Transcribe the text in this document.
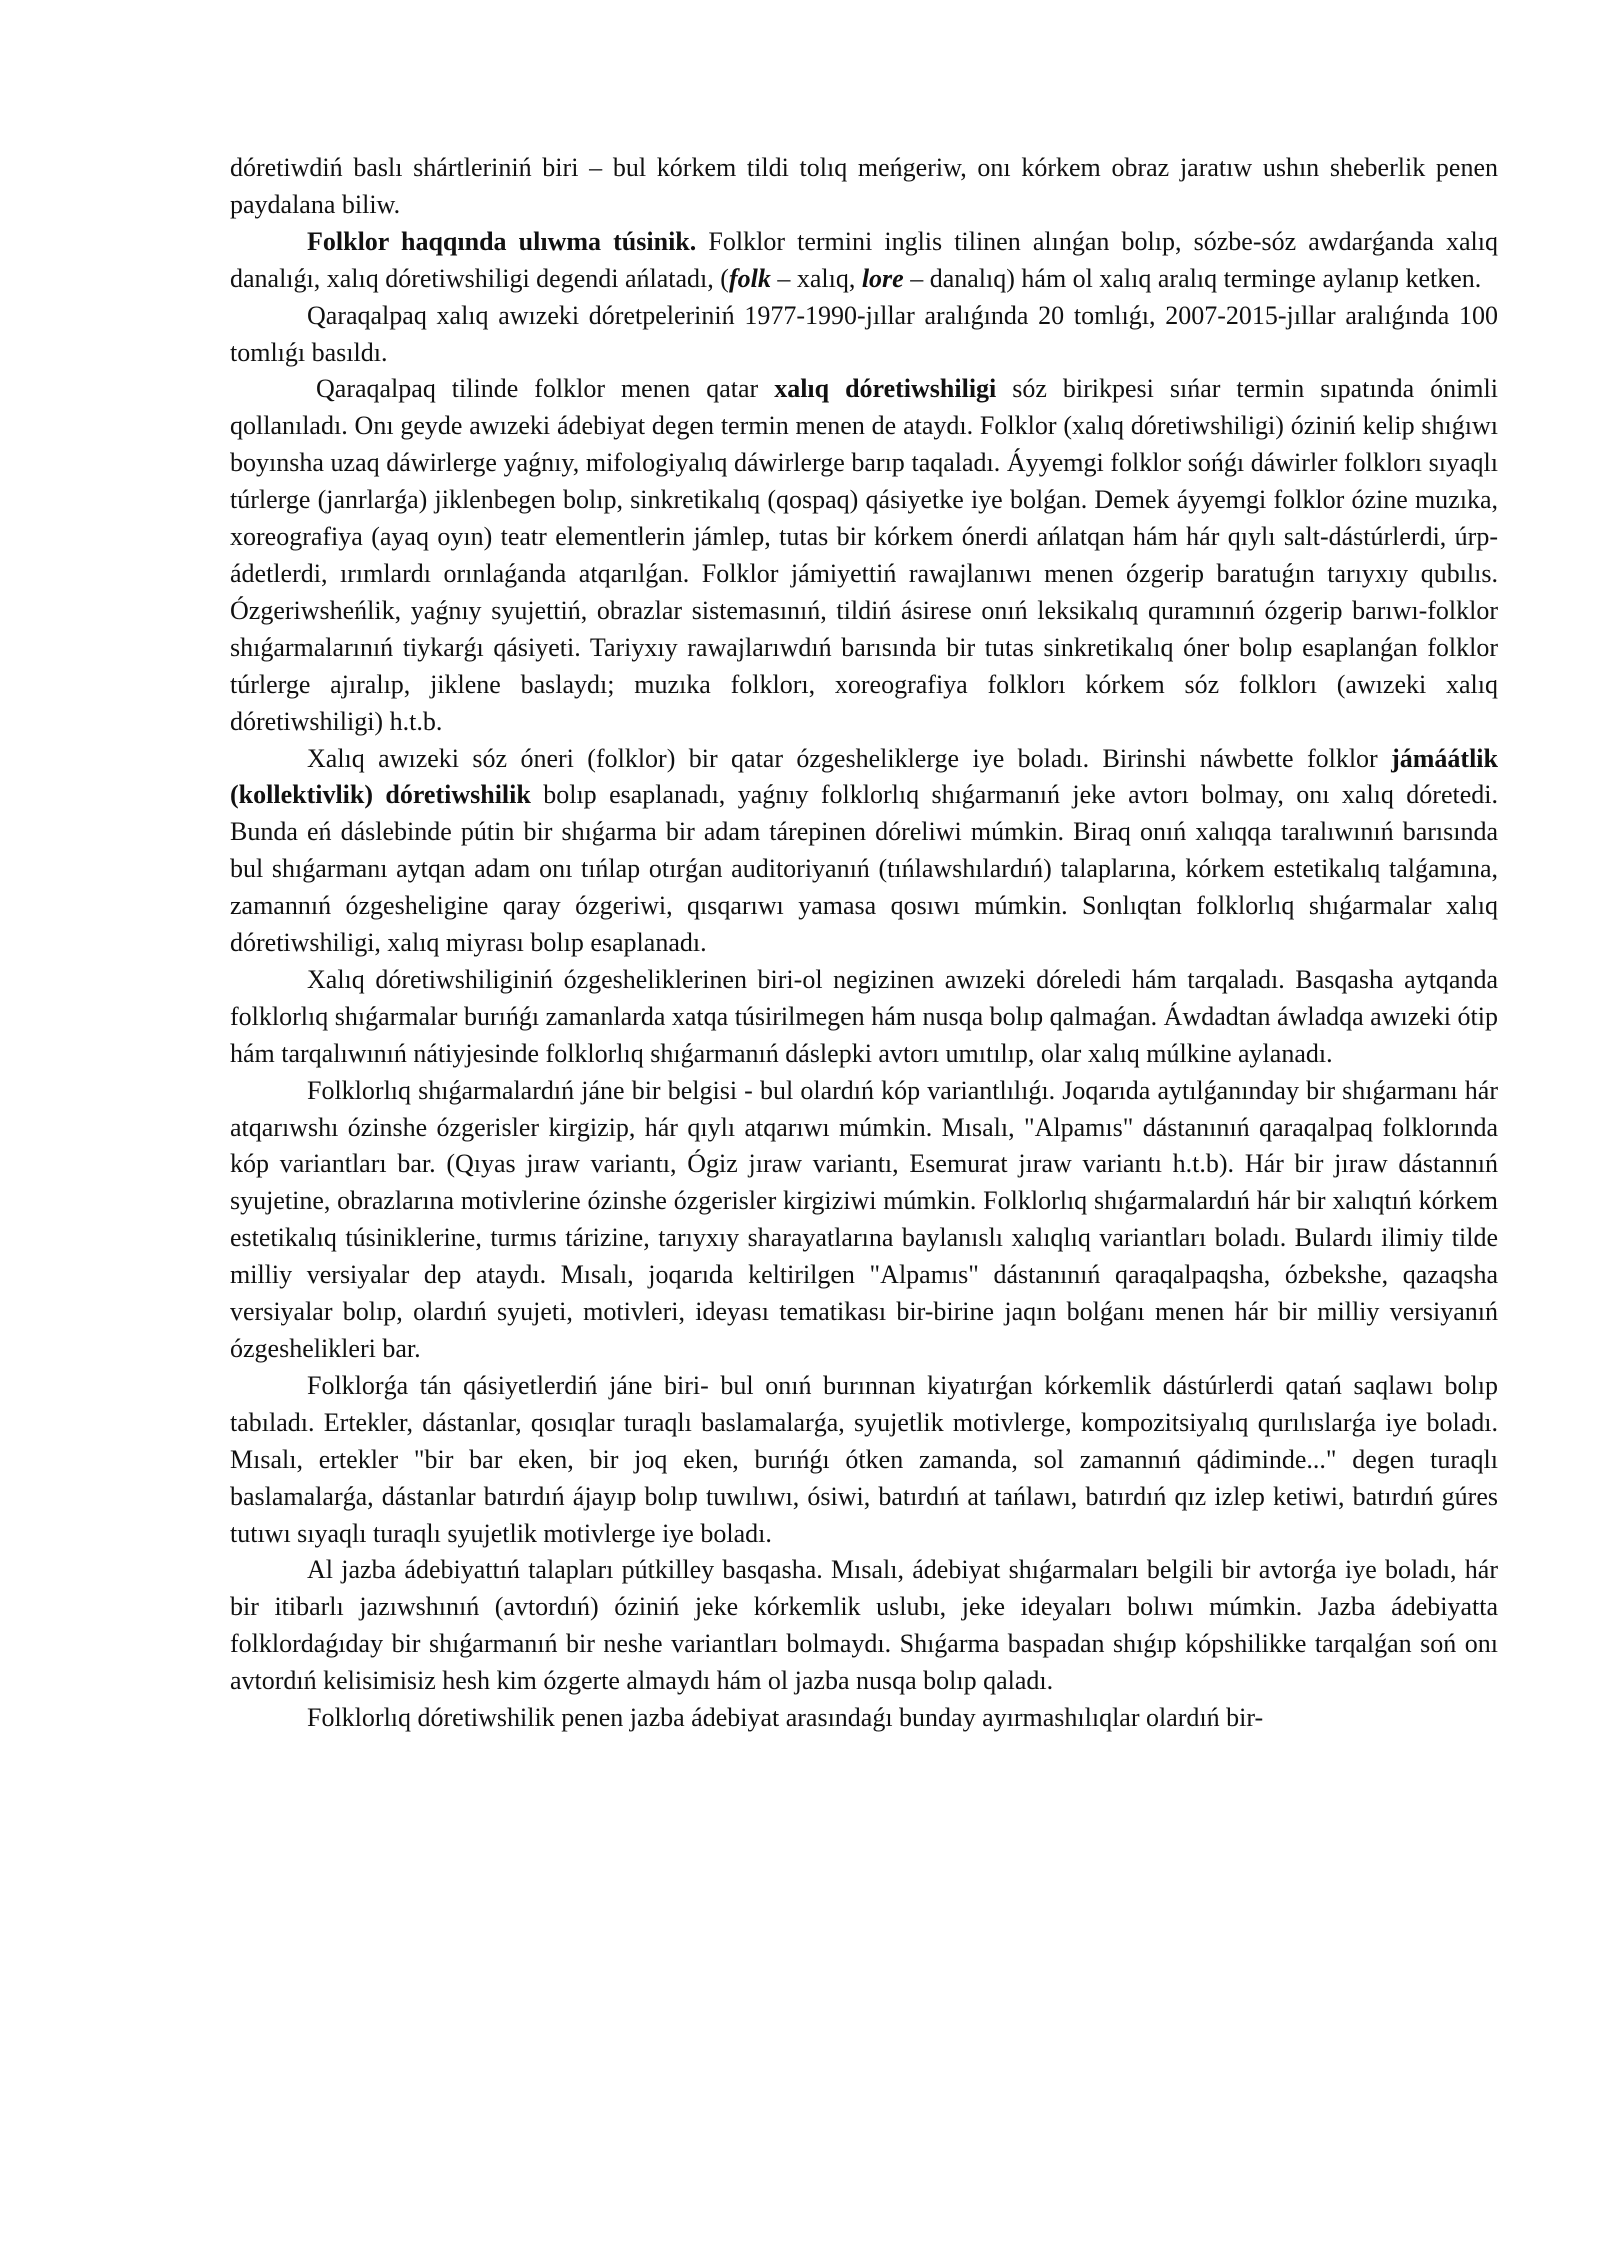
dóretiwdiń baslı shártleriniń biri – bul kórkem tildi tolıq meńgeriw, onı kórkem obraz jaratıw ushın sheberlik penen paydalana biliw.

Folklor haqqında ulıwma túsinik. Folklor termini inglis tilinen alınǵan bolıp, sózbe-sóz awdarǵanda xalıq danalıǵı, xalıq dóretiwshiligi degendi ańlatadı, (folk – xalıq, lore – danalıq) hám ol xalıq aralıq terminge aylanıp ketken.

Qaraqalpaq xalıq awızeki dóretpeleriniń 1977-1990-jıllar aralıǵında 20 tomlıǵı, 2007-2015-jıllar aralıǵında 100 tomlıǵı basıldı.

Qaraqalpaq tilinde folklor menen qatar xalıq dóretiwshiligi sóz birikpesi sıńar termin sıpatında ónimli qollanıladı. Onı geyde awızeki ádebiyat degen termin menen de ataydı. Folklor (xalıq dóretiwshiligi) óziniń kelip shıǵıwı boyınsha uzaq dáwirlerge yaǵnıy, mifologiyalıq dáwirlerge barıp taqaladı. Áyyemgi folklor sońǵı dáwirler folklorı sıyaqlı túrlerge (janrlarǵa) jiklenbegen bolıp, sinkretikalıq (qospaq) qásiyetke iye bolǵan. Demek áyyemgi folklor ózine muzıka, xoreografiya (ayaq oyın) teatr elementlerin jámlep, tutas bir kórkem ónerdi ańlatqan hám hár qıylı salt-dástúrlerdi, úrp-ádetlerdi, ırımlardı orınlaǵanda atqarılǵan. Folklor jámiyettiń rawajlanıwı menen ózgerip baratuǵın tarıyxıy qubılıs. Ózgeriwsheńlik, yaǵnıy syujettiń, obrazlar sistemasınıń, tildiń ásirese onıń leksikalıq quramınıń ózgerip barıwı-folklor shıǵarmalarınıń tiykarǵı qásiyeti. Tariyxıy rawajlarıwdıń barısında bir tutas sinkretikalıq óner bolıp esaplanǵan folklor túrlerge ajıralıp, jiklene baslaydı; muzıka folklorı, xoreografiya folklorı kórkem sóz folklorı (awızeki xalıq dóretiwshiligi) h.t.b.

Xalıq awızeki sóz óneri (folklor) bir qatar ózgesheliklerge iye boladı. Birinshi náwbette folklor jámáátlik (kollektivlik) dóretiwshilik bolıp esaplanadı, yaǵnıy folklorlıq shıǵarmanıń jeke avtorı bolmay, onı xalıq dóretedi. Bunda eń dáslebinde pútin bir shıǵarma bir adam tárepinen dóreliwi múmkin. Biraq onıń xalıqqa taralıwınıń barısında bul shıǵarmanı aytqan adam onı tıńlap otırǵan auditoriyanıń (tıńlawshılardıń) talaplarına, kórkem estetikalıq talǵamına, zamannıń ózgesheligine qaray ózgeriwi, qısqarıwı yamasa qosıwı múmkin. Sonlıqtan folklorlıq shıǵarmalar xalıq dóretiwshiligi, xalıq miyrası bolıp esaplanadı.

Xalıq dóretiwshiliginiń ózgesheliklerinen biri-ol negizinen awızeki dóreledi hám tarqaladı. Basqasha aytqanda folklorlıq shıǵarmalar burıńǵı zamanlarda xatqa túsirilmegen hám nusqa bolıp qalmaǵan. Áwdadtan áwladqa awızeki ótip hám tarqalıwınıń nátiyjesinde folklorlıq shıǵarmanıń dáslepki avtorı umıtılıp, olar xalıq múlkine aylanadı.

Folklorlıq shıǵarmalardıń jáne bir belgisi - bul olardıń kóp variantlılıǵı. Joqarıda aytılǵanınday bir shıǵarmanı hár atqarıwshı ózinshe ózgerisler kirgizip, hár qıylı atqarıwı múmkin. Mısalı, "Alpamıs" dástanınıń qaraqalpaq folklorında kóp variantları bar. (Qıyas jıraw variantı, Ógiz jıraw variantı, Esemurat jıraw variantı h.t.b). Hár bir jıraw dástannıń syujetine, obrazlarına motivlerine ózinshe ózgerisler kirgiziwi múmkin. Folklorlıq shıǵarmalardıń hár bir xalıqtıń kórkem estetikalıq túsiniklerine, turmıs tárizine, tarıyxıy sharayatlarına baylanıslı xalıqlıq variantları boladı. Bulardı ilimiy tilde milliy versiyalar dep ataydı. Mısalı, joqarıda keltirilgen "Alpamıs" dástanınıń qaraqalpaqsha, ózbekshe, qazaqsha versiyalar bolıp, olardıń syujeti, motivleri, ideyası tematikası bir-birine jaqın bolǵanı menen hár bir milliy versiyanıń ózgeshelikleri bar.

Folklorǵa tán qásiyetlerdiń jáne biri- bul onıń burınnan kiyatırǵan kórkemlik dástúrlerdi qatań saqlawı bolıp tabıladı. Ertekler, dástanlar, qosıqlar turaqlı baslamalarǵa, syujetlik motivlerge, kompozitsiyalıq qurılıslarǵa iye boladı. Mısalı, ertekler "bir bar eken, bir joq eken, burıńǵı ótken zamanda, sol zamannıń qádiminde..." degen turaqlı baslamalarǵa, dástanlar batırdıń ájayıp bolıp tuwılıwı, ósiwi, batırdıń at tańlawı, batırdıń qız izlep ketiwi, batırdıń gúres tutıwı sıyaqlı turaqlı syujetlik motivlerge iye boladı.

Al jazba ádebiyattıń talapları pútkilley basqasha. Mısalı, ádebiyat shıǵarmaları belgili bir avtorǵa iye boladı, hár bir itibarlı jazıwshınıń (avtordıń) óziniń jeke kórkemlik uslubı, jeke ideyaları bolıwı múmkin. Jazba ádebiyatta folklordaǵıday bir shıǵarmanıń bir neshe variantları bolmaydı. Shıǵarma baspadan shıǵıp kópshilikke tarqalǵan soń onı avtordıń kelisimisiz hesh kim ózgerte almaydı hám ol jazba nusqa bolıp qaladı.

Folklorlıq dóretiwshilik penen jazba ádebiyat arasındaǵı bunday ayırmashılıqlar olardıń bir-
